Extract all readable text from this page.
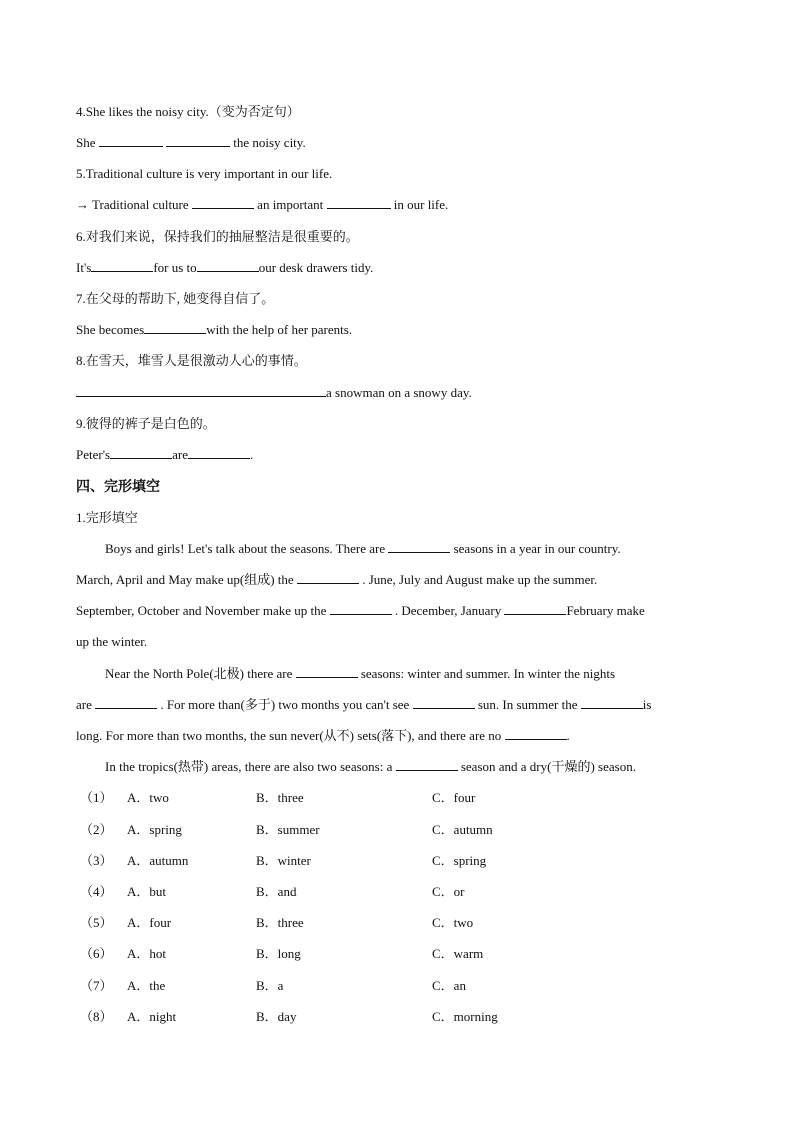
4.She likes the noisy city.（变为否定句）
She	the noisy city.
5.Traditional culture is very important in our life.
→ Traditional culture	an important	in our life.
6.对我们来说，保持我们的抽屉整洁是很重要的。
It's	for us to	our desk drawers tidy.
7.在父母的帮助下, 她变得自信了。
She becomes	with the help of her parents.
8.在雪天，堆雪人是很激动人心的事情。
a snowman on a snowy day.
9.彼得的裤子是白色的。
Peter's	are	.
四、完形填空
1.完形填空
Boys and girls! Let's talk about the seasons. There are	seasons in a year in our country.
March, April and May make up(组成) the	. June, July and August make up the summer.
September, October and November make up the	. December, January	February make
up the winter.
Near the North Pole(北极) there are	seasons: winter and summer. In winter the nights
are	. For more than(多于) two months you can't see	sun. In summer the	is
long. For more than two months, the sun never(从不) sets(落下), and there are no	.
In the tropics(热带) areas, there are also two seasons: a	season and a dry(干燥的) season.
（1） A．two	B．three	C．four
（2） A．spring	B．summer	C．autumn
（3） A．autumn	B．winter	C．spring
（4） A．but	B．and	C．or
（5） A．four	B．three	C．two
（6） A．hot	B．long	C．warm
（7） A．the	B．a	C．an
（8） A．night	B．day	C．morning
